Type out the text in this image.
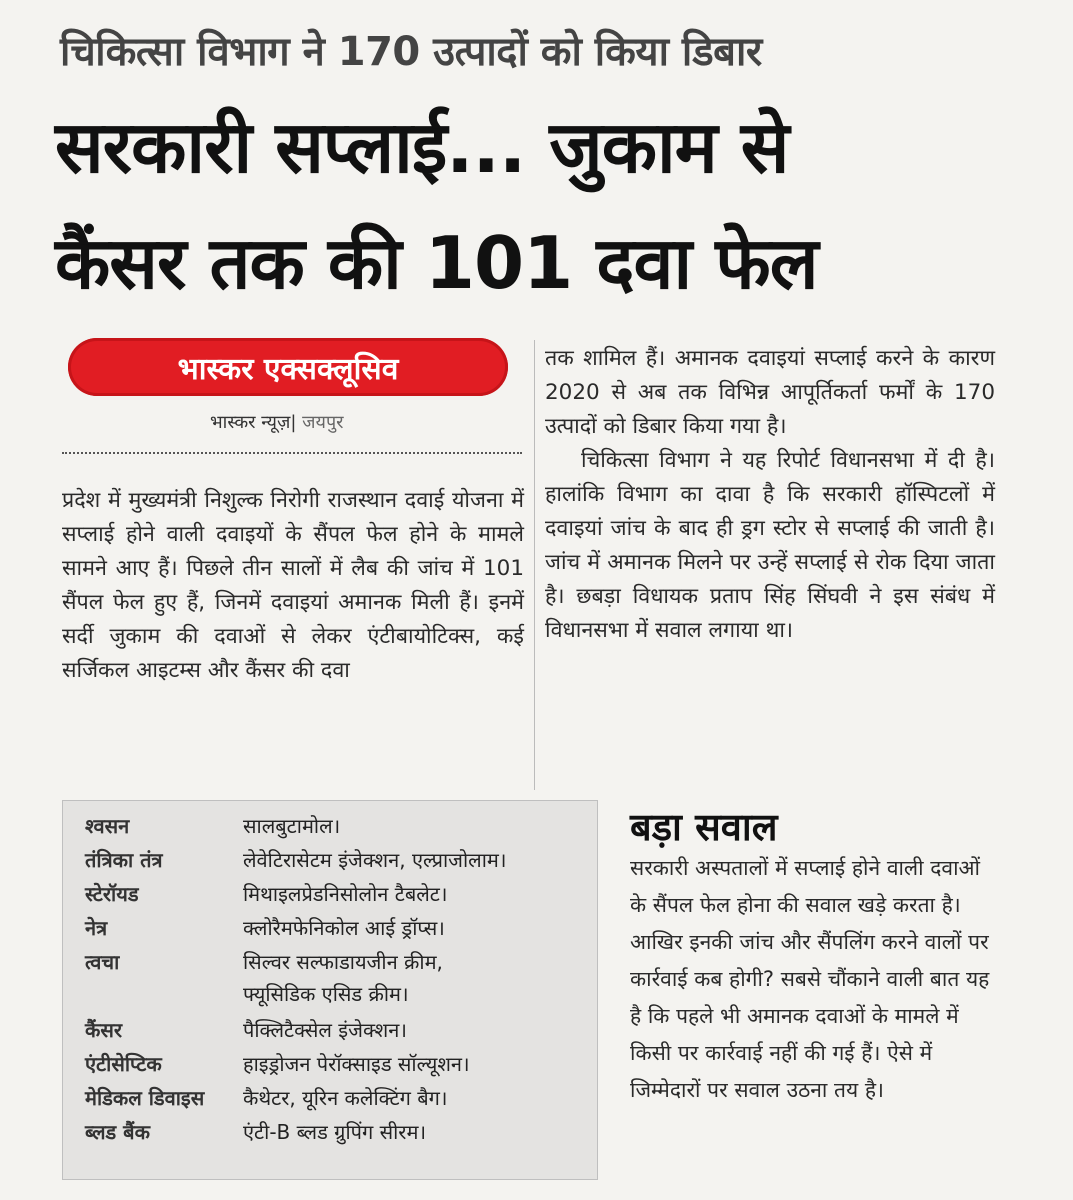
चिकित्सा विभाग ने 170 उत्पादों को किया डिबार
सरकारी सप्लाई... जुकाम से
कैंसर तक की 101 दवा फेल
भास्कर एक्सक्लूसिव
भास्कर न्यूज़| जयपुर

प्रदेश में मुख्यमंत्री निशुल्क निरोगी राजस्थान दवाई योजना में सप्लाई होने वाली दवाइयों के सैंपल फेल होने के मामले सामने आए हैं। पिछले तीन सालों में लैब की जांच में 101 सैंपल फेल हुए हैं, जिनमें दवाइयां अमानक मिली हैं। इनमें सर्दी जुकाम की दवाओं से लेकर एंटीबायोटिक्स, कई सर्जिकल आइटम्स और कैंसर की दवा

तक शामिल हैं। अमानक दवाइयां सप्लाई करने के कारण 2020 से अब तक विभिन्न आपूर्तिकर्ता फर्मों के 170 उत्पादों को डिबार किया गया है।

चिकित्सा विभाग ने यह रिपोर्ट विधानसभा में दी है। हालांकि विभाग का दावा है कि सरकारी हॉस्पिटलों में दवाइयां जांच के बाद ही ड्रग स्टोर से सप्लाई की जाती है। जांच में अमानक मिलने पर उन्हें सप्लाई से रोक दिया जाता है। छबड़ा विधायक प्रताप सिंह सिंघवी ने इस संबंध में विधानसभा में सवाल लगाया था।

श्वसन	सालबुटामोल।
तंत्रिका तंत्र	लेवेटिरासेटम इंजेक्शन, एल्प्राजोलाम।
स्टेरॉयड	मिथाइलप्रेडनिसोलोन टैबलेट।
नेत्र	क्लोरैमफेनिकोल आई ड्रॉप्स।
त्वचा	सिल्वर सल्फाडायजीन क्रीम,
फ्यूसिडिक एसिड क्रीम।
कैंसर	पैक्लिटैक्सेल इंजेक्शन।
एंटीसेप्टिक	हाइड्रोजन पेरॉक्साइड सॉल्यूशन।
मेडिकल डिवाइस	कैथेटर, यूरिन कलेक्टिंग बैग।
ब्लड बैंक	एंटी-B ब्लड ग्रुपिंग सीरम।
बड़ा सवाल
सरकारी अस्पतालों में सप्लाई होने वाली दवाओं के सैंपल फेल होना की सवाल खड़े करता है। आखिर इनकी जांच और सैंपलिंग करने वालों पर कार्रवाई कब होगी? सबसे चौंकाने वाली बात यह है कि पहले भी अमानक दवाओं के मामले में किसी पर कार्रवाई नहीं की गई हैं। ऐसे में जिम्मेदारों पर सवाल उठना तय है।
